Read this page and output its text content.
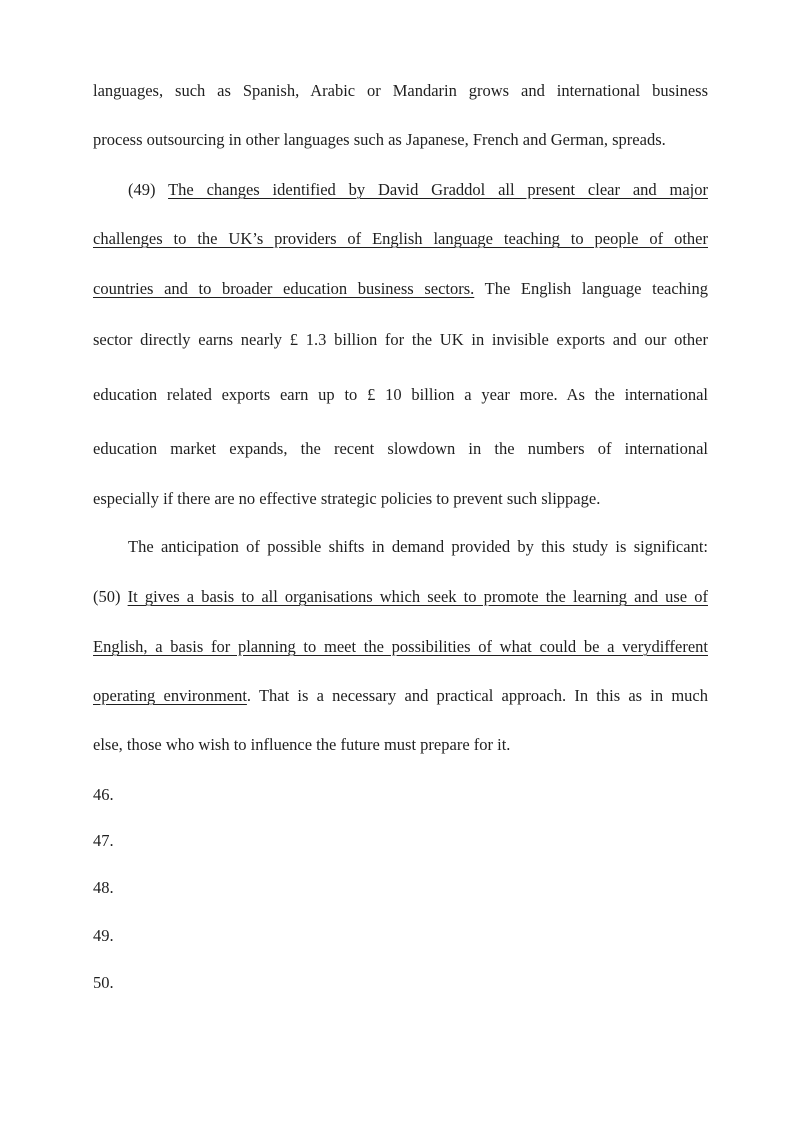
languages, such as Spanish, Arabic or Mandarin grows and international business
process outsourcing in other languages such as Japanese, French and German, spreads.
(49) The changes identified by David Graddol all present clear and major
challenges to the UK’s providers of English language teaching to people of other
countries and to broader education business sectors. The English language teaching
sector directly earns nearly £ 1.3 billion for the UK in invisible exports and our other
education related exports earn up to £ 10 billion a year more. As the international
education market expands, the recent slowdown in the numbers of international
especially if there are no effective strategic policies to prevent such slippage.
The anticipation of possible shifts in demand provided by this study is significant:
(50) It gives a basis to all organisations which seek to promote the learning and use of
English, a basis for planning to meet the possibilities of what could be a verydifferent
operating environment. That is a necessary and practical approach. In this as in much
else, those who wish to influence the future must prepare for it.
46.
47.
48.
49.
50.
